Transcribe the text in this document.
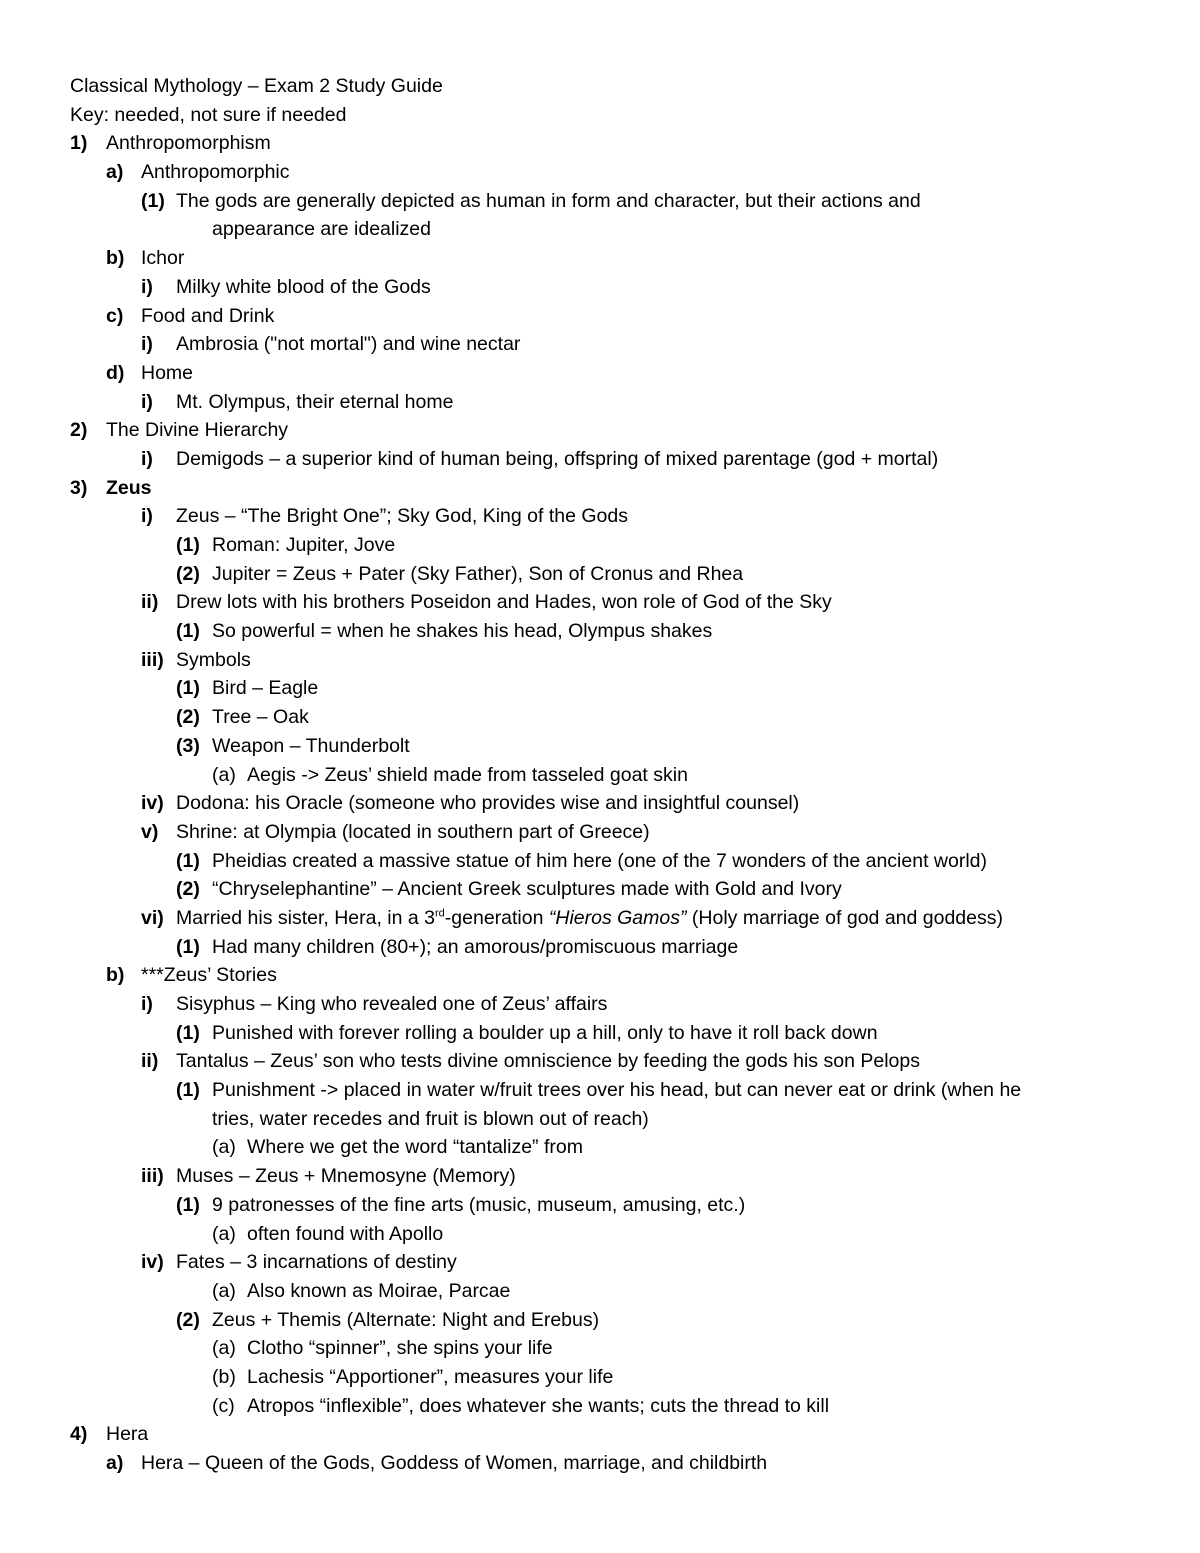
Classical Mythology – Exam 2 Study Guide
Key: needed, not sure if needed
1) Anthropomorphism
a) Anthropomorphic
(1) The gods are generally depicted as human in form and character, but their actions and
appearance are idealized
b) Ichor
i) Milky white blood of the Gods
c) Food and Drink
i) Ambrosia ("not mortal") and wine nectar
d) Home
i) Mt. Olympus, their eternal home
2) The Divine Hierarchy
i) Demigods – a superior kind of human being, offspring of mixed parentage (god + mortal)
3) Zeus
i) Zeus – “The Bright One”; Sky God, King of the Gods
(1) Roman: Jupiter, Jove
(2) Jupiter = Zeus + Pater (Sky Father), Son of Cronus and Rhea
ii) Drew lots with his brothers Poseidon and Hades, won role of God of the Sky
(1) So powerful = when he shakes his head, Olympus shakes
iii) Symbols
(1) Bird – Eagle
(2) Tree – Oak
(3) Weapon – Thunderbolt
(a) Aegis -> Zeus’ shield made from tasseled goat skin
iv) Dodona: his Oracle (someone who provides wise and insightful counsel)
v) Shrine: at Olympia (located in southern part of Greece)
(1) Pheidias created a massive statue of him here (one of the 7 wonders of the ancient world)
(2) “Chryselephantine” – Ancient Greek sculptures made with Gold and Ivory
vi) Married his sister, Hera, in a 3rd-generation “Hieros Gamos” (Holy marriage of god and goddess)
(1) Had many children (80+); an amorous/promiscuous marriage
b) ***Zeus’ Stories
i) Sisyphus – King who revealed one of Zeus’ affairs
(1) Punished with forever rolling a boulder up a hill, only to have it roll back down
ii) Tantalus – Zeus’ son who tests divine omniscience by feeding the gods his son Pelops
(1) Punishment -> placed in water w/fruit trees over his head, but can never eat or drink (when he
tries, water recedes and fruit is blown out of reach)
(a) Where we get the word “tantalize” from
iii) Muses – Zeus + Mnemosyne (Memory)
(1) 9 patronesses of the fine arts (music, museum, amusing, etc.)
(a) often found with Apollo
iv) Fates – 3 incarnations of destiny
(a) Also known as Moirae, Parcae
(2) Zeus + Themis (Alternate: Night and Erebus)
(a) Clotho “spinner”, she spins your life
(b) Lachesis “Apportioner”, measures your life
(c) Atropos “inflexible”, does whatever she wants; cuts the thread to kill
4) Hera
a) Hera – Queen of the Gods, Goddess of Women, marriage, and childbirth
